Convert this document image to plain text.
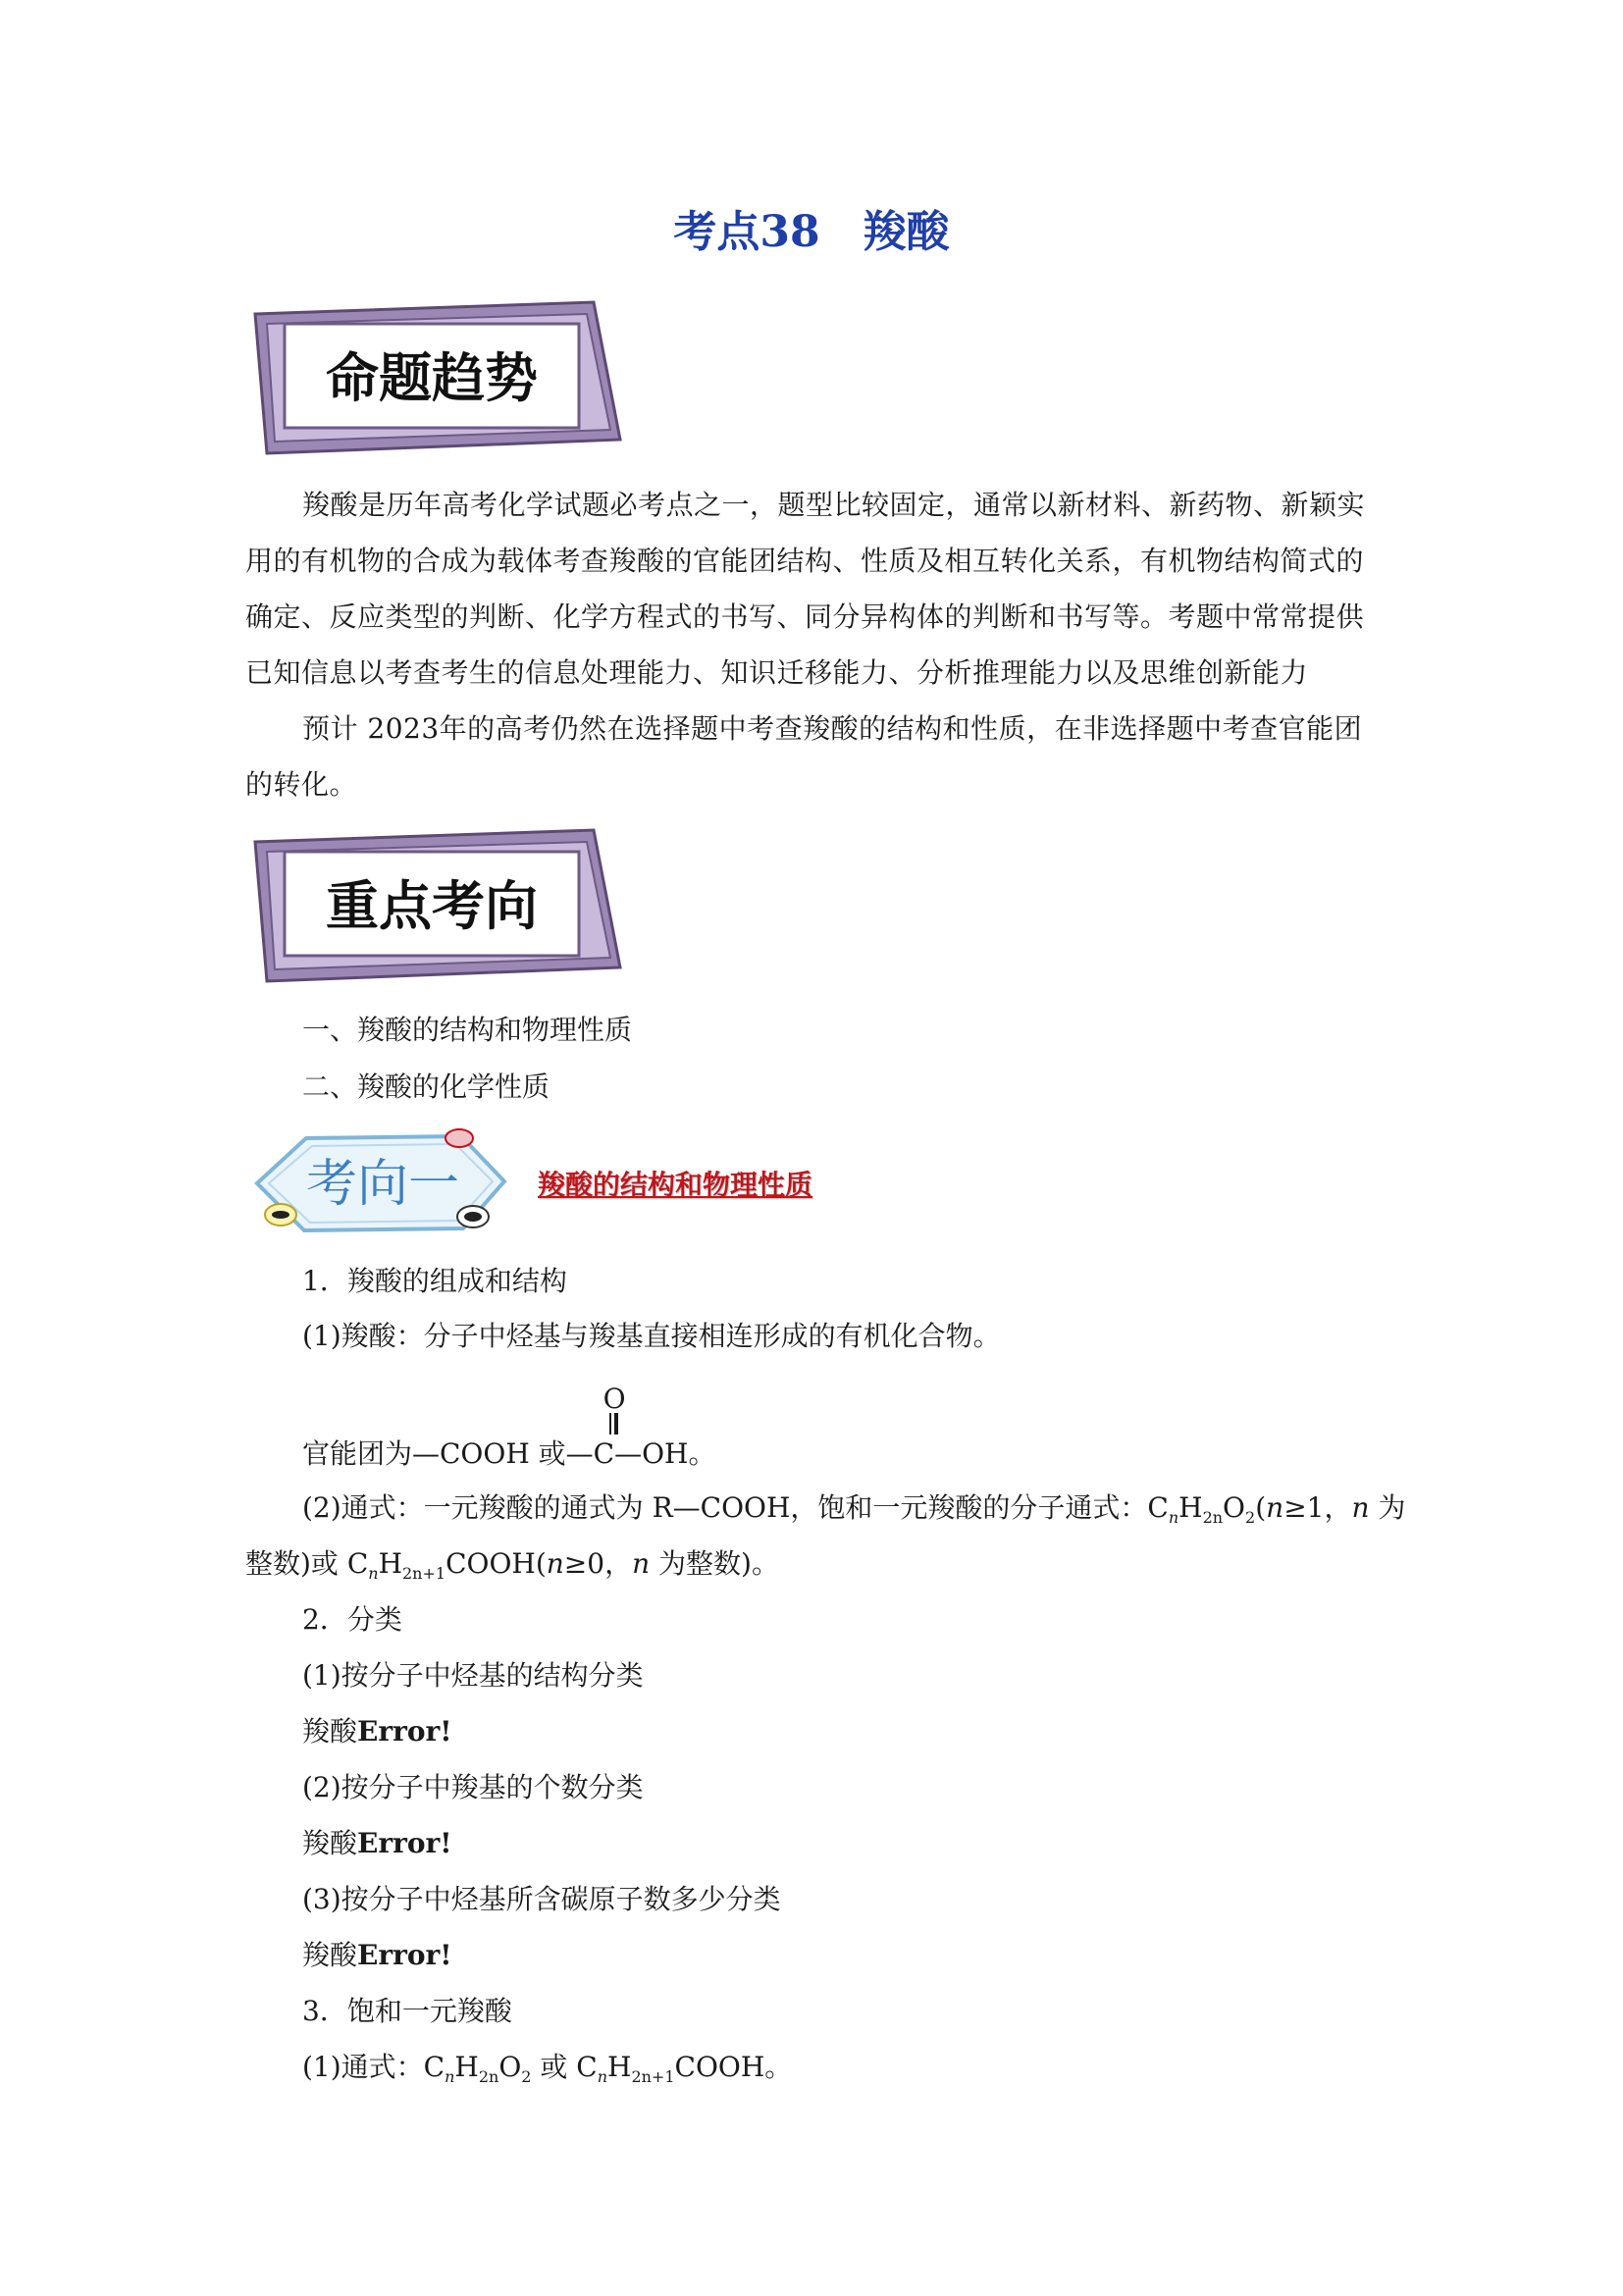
考点38　羧酸
命题趋势

羧酸是历年高考化学试题必考点之一，题型比较固定，通常以新材料、新药物、新颖实用的有机物的合成为载体考查羧酸的官能团结构、性质及相互转化关系，有机物结构简式的确定、反应类型的判断、化学方程式的书写、同分异构体的判断和书写等。考题中常常提供已知信息以考查考生的信息处理能力、知识迁移能力、分析推理能力以及思维创新能力

预计 2023年的高考仍然在选择题中考查羧酸的结构和性质，在非选择题中考查官能团的转化。

重点考向
一、羧酸的结构和物理性质
二、羧酸的化学性质
考向一	羧酸的结构和物理性质
1．羧酸的组成和结构
(1)羧酸：分子中烃基与羧基直接相连形成的有机化合物。
官能团为—COOH 或
O
—C—OH。
(2)通式：一元羧酸的通式为 R—COOH，饱和一元羧酸的分子通式：$C_nH_{2n}O_2(n\ge 1$，n 为
整数)或 $C_nH_{2n+1}COOH(n\ge 0$，n 为整数)。
2．分类
(1)按分子中烃基的结构分类
羧酸Error!
(2)按分子中羧基的个数分类
羧酸Error!
(3)按分子中烃基所含碳原子数多少分类
羧酸Error!
3．饱和一元羧酸
(1)通式：$C_nH_{2n}O_2$ 或 $C_nH_{2n+1}COOH$。
